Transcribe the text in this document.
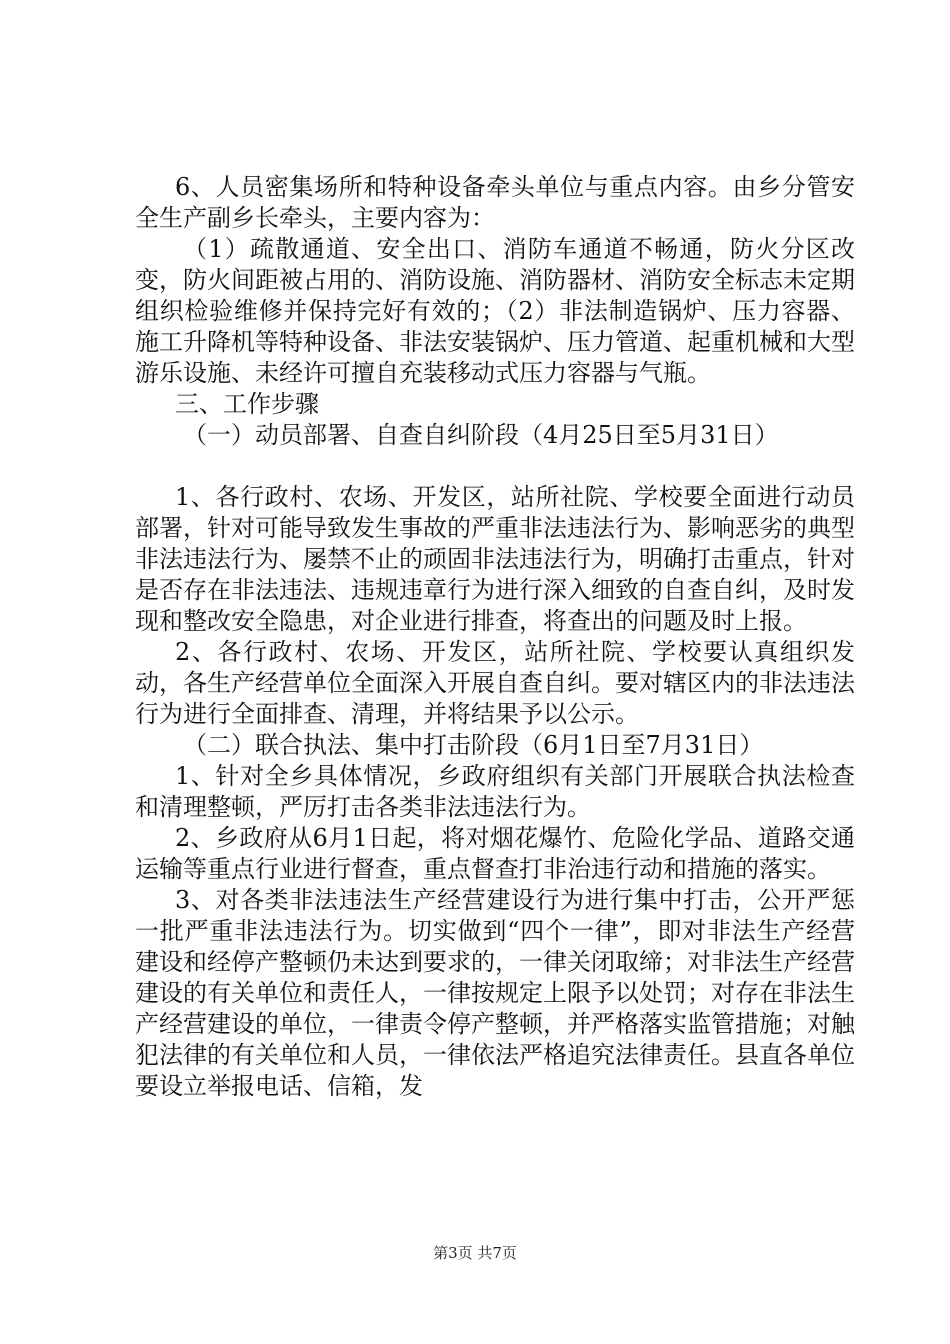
6、人员密集场所和特种设备牵头单位与重点内容。由乡分管安全生产副乡长牵头，主要内容为：

（1）疏散通道、安全出口、消防车通道不畅通，防火分区改变，防火间距被占用的、消防设施、消防器材、消防安全标志未定期组织检验维修并保持完好有效的；（2）非法制造锅炉、压力容器、施工升降机等特种设备、非法安装锅炉、压力管道、起重机械和大型游乐设施、未经许可擅自充装移动式压力容器与气瓶。

三、工作步骤

（一）动员部署、自查自纠阶段（4月25日至5月31日）

1、各行政村、农场、开发区，站所社院、学校要全面进行动员部署，针对可能导致发生事故的严重非法违法行为、影响恶劣的典型非法违法行为、屡禁不止的顽固非法违法行为，明确打击重点，针对是否存在非法违法、违规违章行为进行深入细致的自查自纠，及时发现和整改安全隐患，对企业进行排查，将查出的问题及时上报。

2、各行政村、农场、开发区，站所社院、学校要认真组织发动，各生产经营单位全面深入开展自查自纠。要对辖区内的非法违法行为进行全面排查、清理，并将结果予以公示。

（二）联合执法、集中打击阶段（6月1日至7月31日）

1、针对全乡具体情况，乡政府组织有关部门开展联合执法检查和清理整顿，严厉打击各类非法违法行为。

2、乡政府从6月1日起，将对烟花爆竹、危险化学品、道路交通运输等重点行业进行督查，重点督查打非治违行动和措施的落实。

3、对各类非法违法生产经营建设行为进行集中打击，公开严惩一批严重非法违法行为。切实做到“四个一律”，即对非法生产经营建设和经停产整顿仍未达到要求的，一律关闭取缔；对非法生产经营建设的有关单位和责任人，一律按规定上限予以处罚；对存在非法生产经营建设的单位，一律责令停产整顿，并严格落实监管措施；对触犯法律的有关单位和人员，一律依法严格追究法律责任。县直各单位要设立举报电话、信箱，发

第3页 共7页
